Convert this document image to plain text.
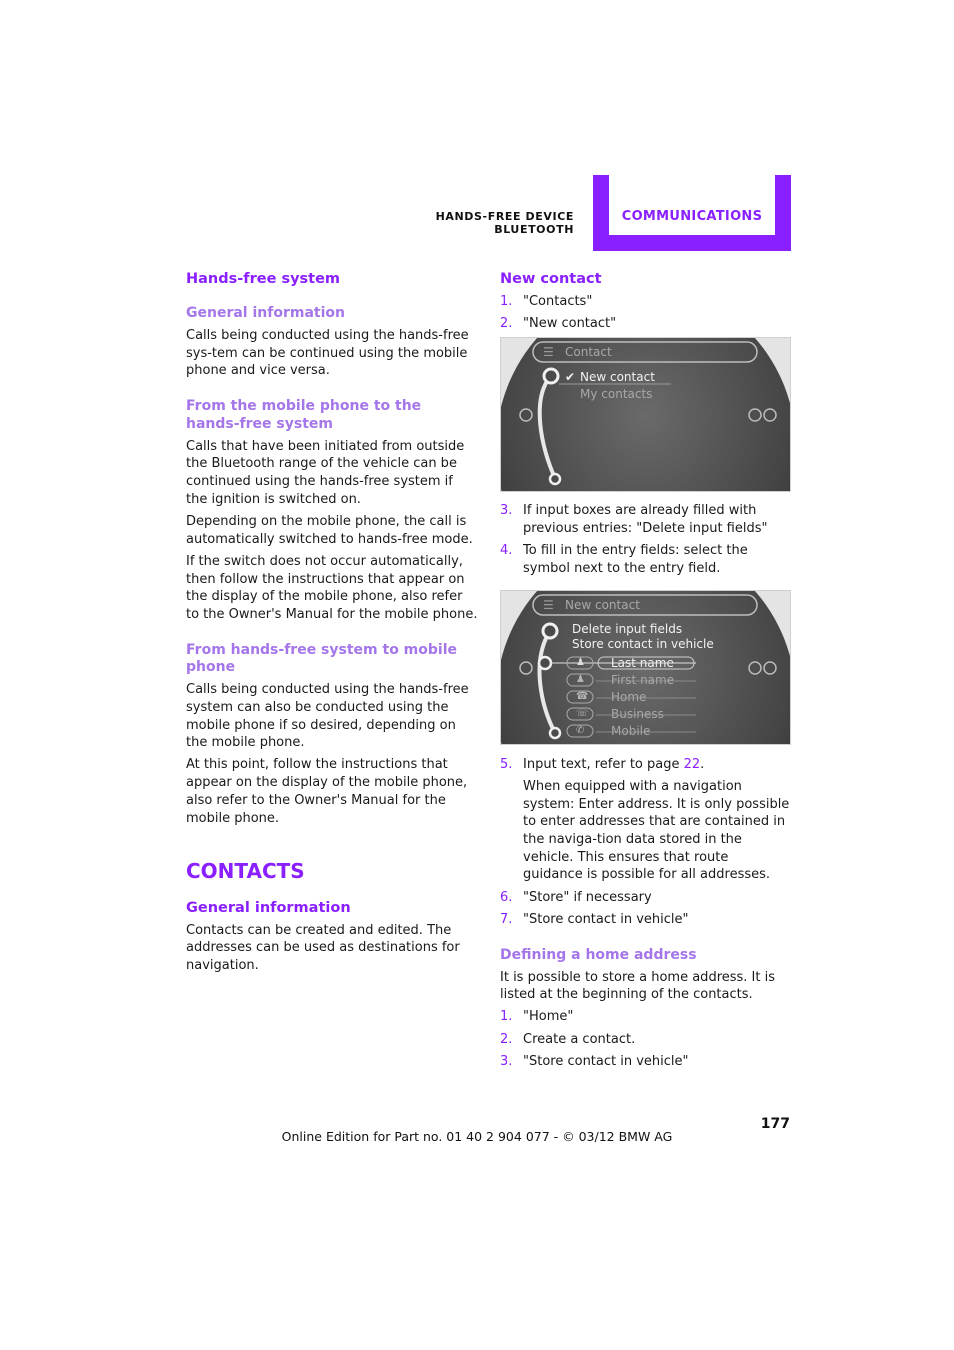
HANDS-FREE DEVICE BLUETOOTH
COMMUNICATIONS
Hands-free system
General information

Calls being conducted using the hands-free sys-tem can be continued using the mobile phone and vice versa.

From the mobile phone to the hands-free system

Calls that have been initiated from outside the Bluetooth range of the vehicle can be continued using the hands-free system if the ignition is switched on.

Depending on the mobile phone, the call is automatically switched to hands-free mode.

If the switch does not occur automatically, then follow the instructions that appear on the display of the mobile phone, also refer to the Owner's Manual for the mobile phone.

From hands-free system to mobile phone

Calls being conducted using the hands-free system can also be conducted using the mobile phone if so desired, depending on the mobile phone.

At this point, follow the instructions that appear on the display of the mobile phone, also refer to the Owner's Manual for the mobile phone.

CONTACTS
General information

Contacts can be created and edited. The addresses can be used as destinations for navigation.

New contact
1. "Contacts"
2. "New contact"
☰ Contact
✔ New contact
My contacts
3. If input boxes are already filled with previous entries: "Delete input fields"
4. To fill in the entry fields: select the symbol next to the entry field.
☰ New contact
Delete input fields
Store contact in vehicle
♟
♟
☎
☏
✆
Last name
First name
Home
Business
Mobile
5. Input text, refer to page 22.

When equipped with a navigation system: Enter address. It is only possible to enter addresses that are contained in the naviga-tion data stored in the vehicle. This ensures that route guidance is possible for all addresses.

6. "Store" if necessary
7. "Store contact in vehicle"
Defining a home address

It is possible to store a home address. It is listed at the beginning of the contacts.

1. "Home"
2. Create a contact.
3. "Store contact in vehicle"
177
Online Edition for Part no. 01 40 2 904 077 - © 03/12 BMW AG
